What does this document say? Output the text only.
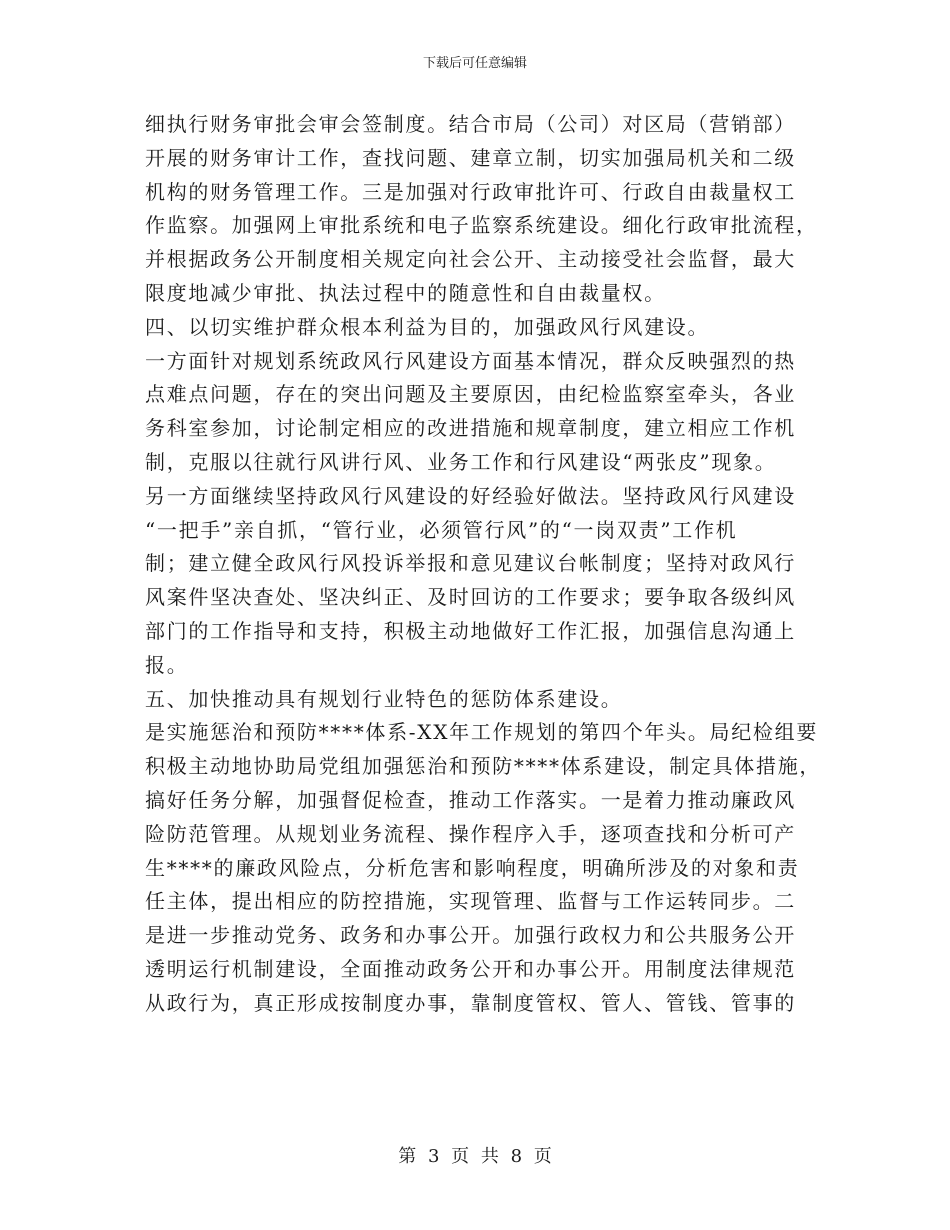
下载后可任意编辑
细执行财务审批会审会签制度。结合市局（公司）对区局（营销部）
开展的财务审计工作，查找问题、建章立制，切实加强局机关和二级
机构的财务管理工作。三是加强对行政审批许可、行政自由裁量权工
作监察。加强网上审批系统和电子监察系统建设。细化行政审批流程，
并根据政务公开制度相关规定向社会公开、主动接受社会监督，最大
限度地减少审批、执法过程中的随意性和自由裁量权。
四、以切实维护群众根本利益为目的，加强政风行风建设。
一方面针对规划系统政风行风建设方面基本情况，群众反映强烈的热
点难点问题，存在的突出问题及主要原因，由纪检监察室牵头，各业
务科室参加，讨论制定相应的改进措施和规章制度，建立相应工作机
制，克服以往就行风讲行风、业务工作和行风建设“两张皮”现象。
另一方面继续坚持政风行风建设的好经验好做法。坚持政风行风建设
“一把手”亲自抓，“管行业，必须管行风”的“一岗双责”工作机
制；建立健全政风行风投诉举报和意见建议台帐制度；坚持对政风行
风案件坚决查处、坚决纠正、及时回访的工作要求；要争取各级纠风
部门的工作指导和支持，积极主动地做好工作汇报，加强信息沟通上
报。
五、加快推动具有规划行业特色的惩防体系建设。
是实施惩治和预防****体系-XX年工作规划的第四个年头。局纪检组要
积极主动地协助局党组加强惩治和预防****体系建设，制定具体措施，
搞好任务分解，加强督促检查，推动工作落实。一是着力推动廉政风
险防范管理。从规划业务流程、操作程序入手，逐项查找和分析可产
生****的廉政风险点，分析危害和影响程度，明确所涉及的对象和责
任主体，提出相应的防控措施，实现管理、监督与工作运转同步。二
是进一步推动党务、政务和办事公开。加强行政权力和公共服务公开
透明运行机制建设，全面推动政务公开和办事公开。用制度法律规范
从政行为，真正形成按制度办事，靠制度管权、管人、管钱、管事的
第 3 页 共 8 页
